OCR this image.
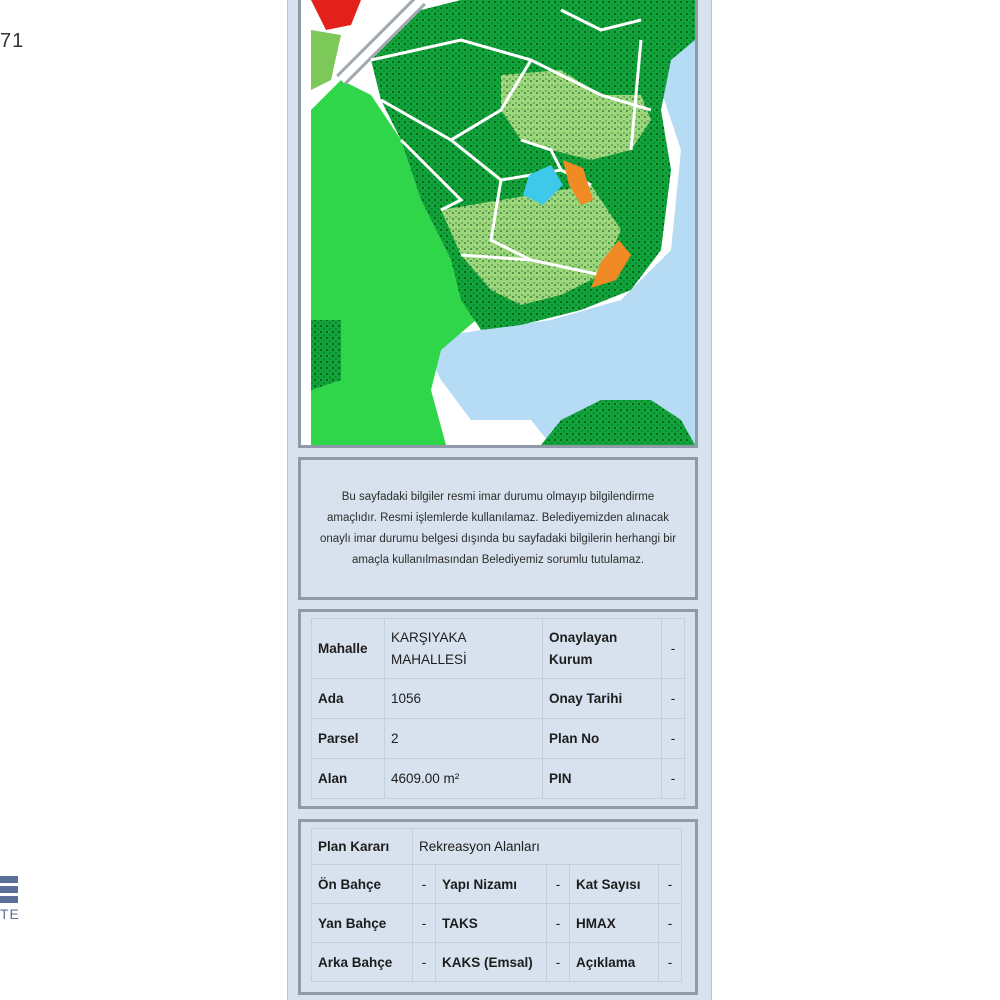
71
TE
Bu sayfadaki bilgiler resmi imar durumu olmayıp bilgilendirme amaçlıdır. Resmi işlemlerde kullanılamaz. Belediyemizden alınacak onaylı imar durumu belgesi dışında bu sayfadaki bilgilerin herhangi bir amaçla kullanılmasından Belediyemiz sorumlu tutulamaz.
Mahalle	KARŞIYAKA MAHALLESİ	Onaylayan Kurum	-
Ada	1056	Onay Tarihi	-
Parsel	2	Plan No	-
Alan	4609.00 m²	PIN	-
Plan Kararı	Rekreasyon Alanları				
Ön Bahçe	-	Yapı Nizamı	-	Kat Sayısı	-
Yan Bahçe	-	TAKS	-	HMAX	-
Arka Bahçe	-	KAKS (Emsal)	-	Açıklama	-
